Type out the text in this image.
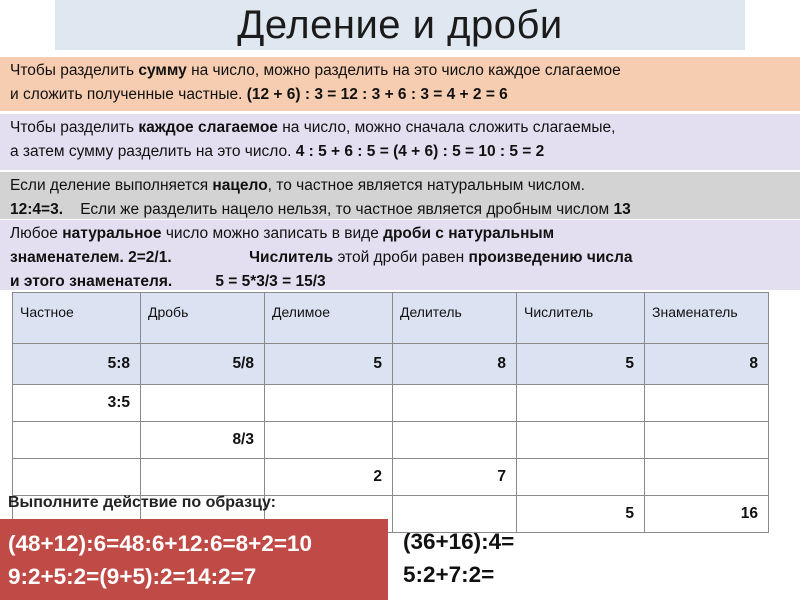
Деление и дроби
Чтобы разделить сумму на число, можно разделить на это число каждое слагаемое
и сложить полученные частные. (12 + 6) : 3 = 12 : 3 + 6 : 3 = 4 + 2 = 6
Чтобы разделить каждое слагаемое на число, можно сначала сложить слагаемые,
а затем сумму разделить на это число. 4 : 5 + 6 : 5 = (4 + 6) : 5 = 10 : 5 = 2
Если деление выполняется нацело, то частное является натуральным числом.
12:4=3.    Если же разделить нацело нельзя, то частное является дробным числом 13
Любое натуральное число можно записать в виде дроби с натуральным
знаменателем. 2=2/1.	Числитель этой дроби равен произведению числа
и этого знаменателя.          5 = 5*3/3 = 15/3
Частное	Дробь	Делимое	Делитель	Числитель	Знаменатель
5:8	5/8	5	8	5	8
3:5					
	8/3				
		2	7		
				5	16
Выполните действие по образцу:
(48+12):6=48:6+12:6=8+2=10
9:2+5:2=(9+5):2=14:2=7
(36+16):4=
5:2+7:2=
